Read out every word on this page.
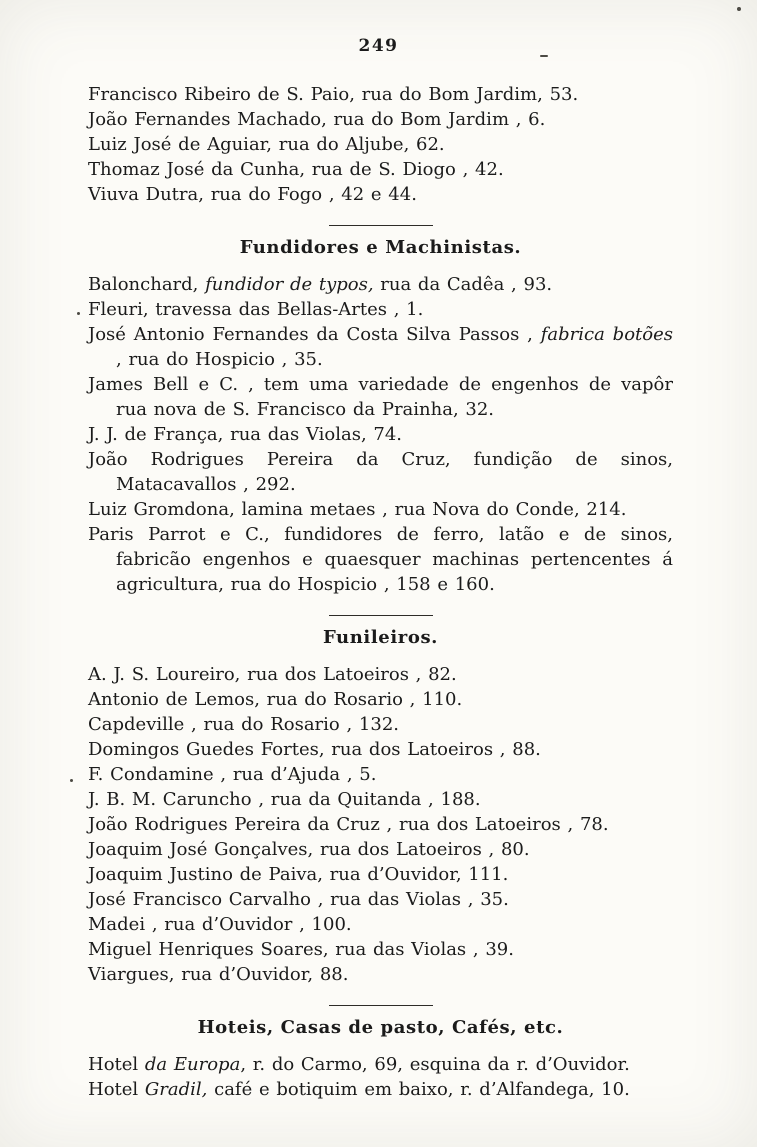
249

Francisco Ribeiro de S. Paio, rua do Bom Jardim, 53.

João Fernandes Machado, rua do Bom Jardim , 6.

Luiz José de Aguiar, rua do Aljube, 62.

Thomaz José da Cunha, rua de S. Diogo , 42.

Viuva Dutra, rua do Fogo , 42 e 44.

Fundidores e Machinistas.

Balonchard, fundidor de typos, rua da Cadêa , 93.

Fleuri, travessa das Bellas-Artes , 1.

José Antonio Fernandes da Costa Silva Passos , fabrica botões , rua do Hospicio , 35.

James Bell e C. , tem uma variedade de engenhos de vapôr rua nova de S. Francisco da Prainha, 32.

J. J. de França, rua das Violas, 74.

João Rodrigues Pereira da Cruz, fundição de sinos, Matacavallos , 292.

Luiz Gromdona, lamina metaes , rua Nova do Conde, 214.

Paris Parrot e C., fundidores de ferro, latão e de sinos, fabricão engenhos e quaesquer machinas pertencentes á agricultura, rua do Hospicio , 158 e 160.

Funileiros.

A. J. S. Loureiro, rua dos Latoeiros , 82.

Antonio de Lemos, rua do Rosario , 110.

Capdeville , rua do Rosario , 132.

Domingos Guedes Fortes, rua dos Latoeiros , 88.

F. Condamine , rua d’Ajuda , 5.

J. B. M. Caruncho , rua da Quitanda , 188.

João Rodrigues Pereira da Cruz , rua dos Latoeiros , 78.

Joaquim José Gonçalves, rua dos Latoeiros , 80.

Joaquim Justino de Paiva, rua d’Ouvidor, 111.

José Francisco Carvalho , rua das Violas , 35.

Madei , rua d’Ouvidor , 100.

Miguel Henriques Soares, rua das Violas , 39.

Viargues, rua d’Ouvidor, 88.

Hoteis, Casas de pasto, Cafés, etc.

Hotel da Europa, r. do Carmo, 69, esquina da r. d’Ouvidor.

Hotel Gradil, café e botiquim em baixo, r. d’Alfandega, 10.
